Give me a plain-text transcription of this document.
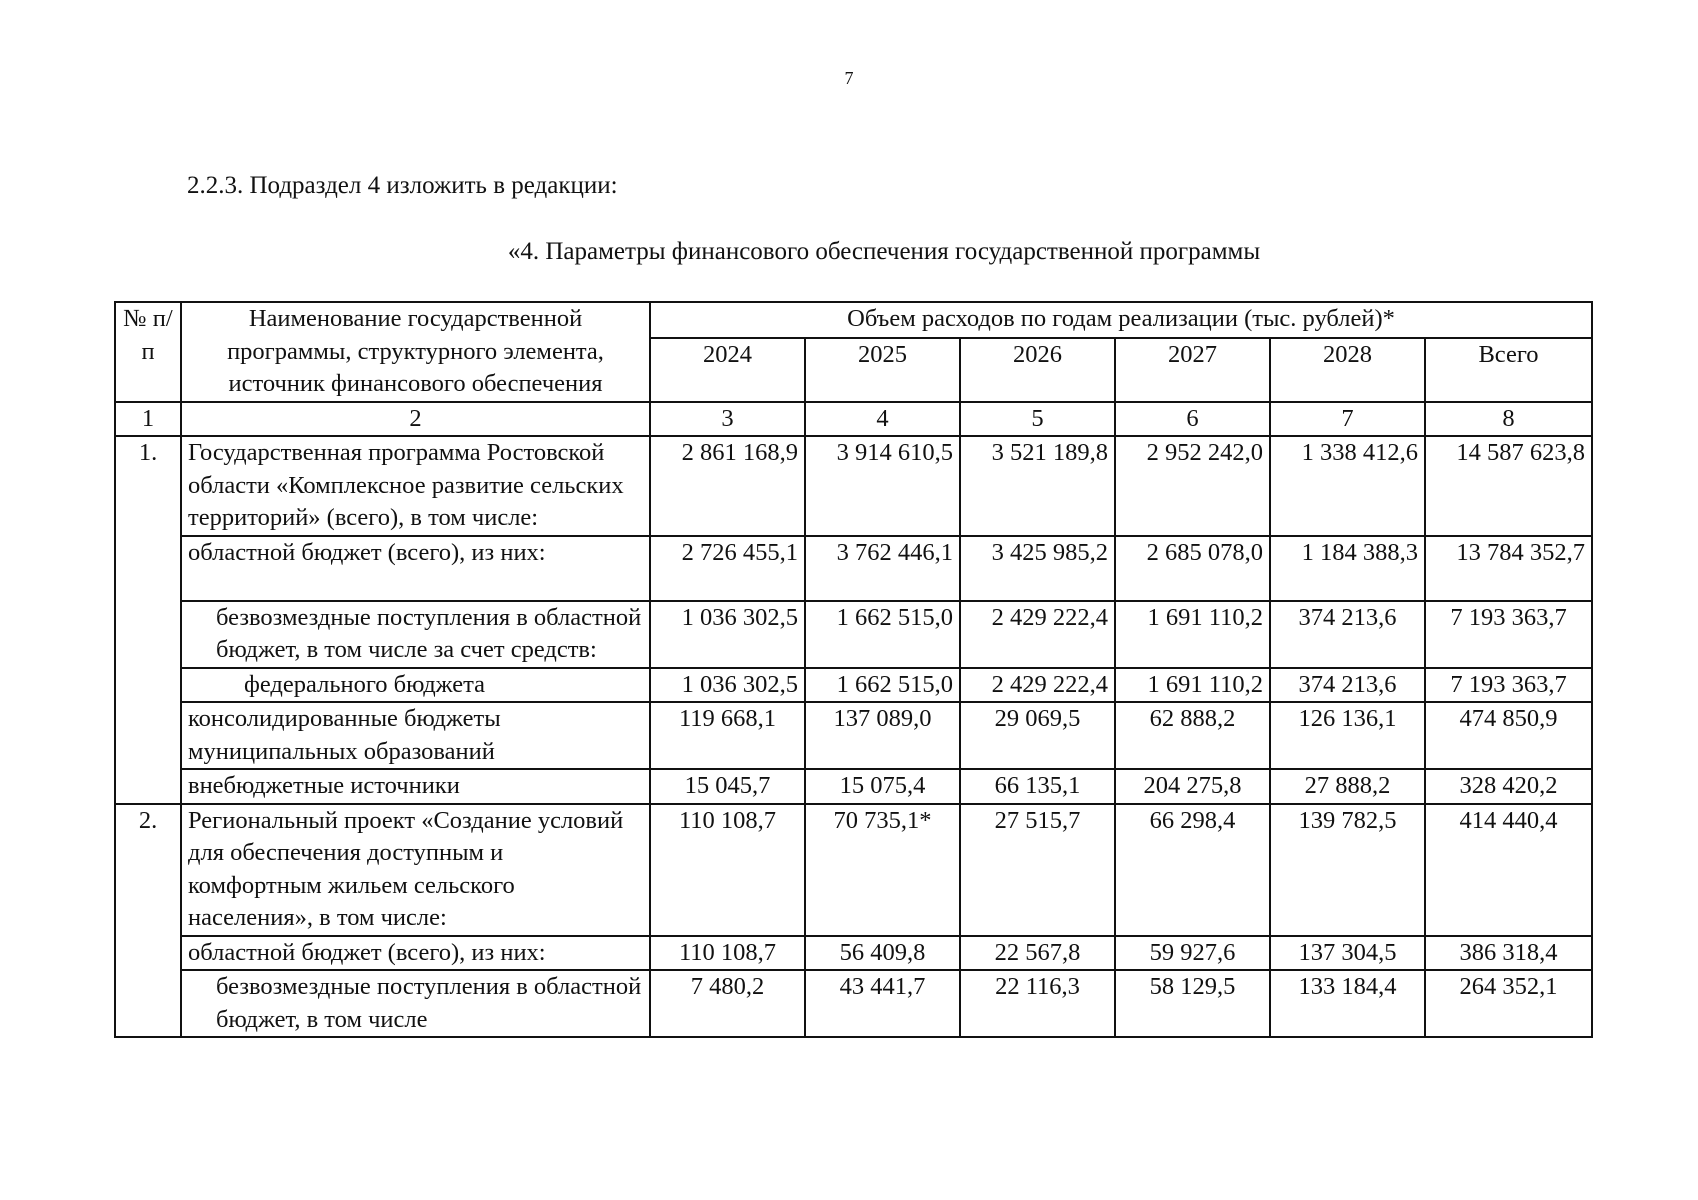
7
2.2.3. Подраздел 4 изложить в редакции:
«4. Параметры финансового обеспечения государственной программы
№ п/п	Наименование государственной программы, структурного элемента, источник финансового обеспечения	Объем расходов по годам реализации (тыс. рублей)*					
		2024	2025	2026	2027	2028	Всего
1	2	3	4	5	6	7	8
1.	Государственная программа Ростовской области «Комплексное развитие сельских территорий» (всего), в том числе:	2 861 168,9	3 914 610,5	3 521 189,8	2 952 242,0	1 338 412,6	14 587 623,8
	областной бюджет (всего), из них:	2 726 455,1	3 762 446,1	3 425 985,2	2 685 078,0	1 184 388,3	13 784 352,7
	безвозмездные поступления в областной бюджет, в том числе за счет средств:	1 036 302,5	1 662 515,0	2 429 222,4	1 691 110,2	374 213,6	7 193 363,7
	федерального бюджета	1 036 302,5	1 662 515,0	2 429 222,4	1 691 110,2	374 213,6	7 193 363,7
	консолидированные бюджеты муниципальных образований	119 668,1	137 089,0	29 069,5	62 888,2	126 136,1	474 850,9
	внебюджетные источники	15 045,7	15 075,4	66 135,1	204 275,8	27 888,2	328 420,2
2.	Региональный проект «Создание условий для обеспечения доступным и комфортным жильем сельского населения», в том числе:	110 108,7	70 735,1*	27 515,7	66 298,4	139 782,5	414 440,4
	областной бюджет (всего), из них:	110 108,7	56 409,8	22 567,8	59 927,6	137 304,5	386 318,4
	безвозмездные поступления в областной бюджет, в том числе	7 480,2	43 441,7	22 116,3	58 129,5	133 184,4	264 352,1
